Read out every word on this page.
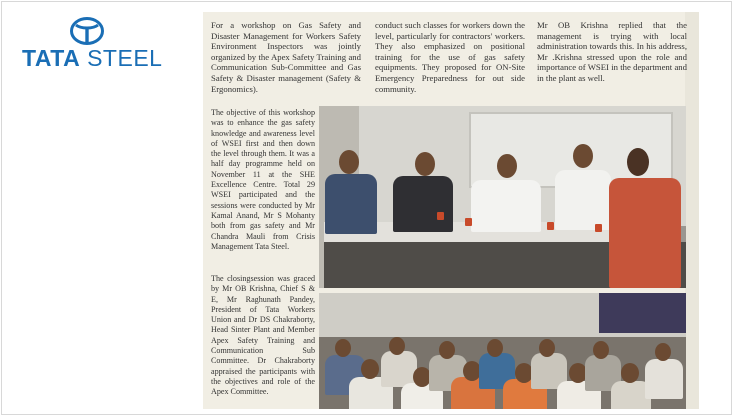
TATA STEEL

For a workshop on Gas Safety and Disaster Management for Workers Safety Environment Inspectors was jointly organized by the Apex Safety Training and Communication Sub-Committee and Gas Safety & Disaster management (Safety & Ergonomics).

conduct such classes for workers down the level, particularly for contractors' workers. They also emphasized on positional training for the use of gas safety equipments. They proposed for ON-Site Emergency Preparedness for out side community.

Mr OB Krishna replied that the management is trying with local administration towards this. In his address, Mr .Krishna stressed upon the role and importance of WSEI in the department and in the plant as well.

The objective of this workshop was to enhance the gas safety knowledge and awareness level of WSEI first and then down the level through them. It was a half day programme held on November 11 at the SHE Excellence Centre. Total 29 WSEI participated and the sessions were conducted by Mr Kamal Anand, Mr S Mohanty both from gas safety and Mr Chandra Mauli from Crisis Management Tata Steel.

The closingsession was graced by Mr OB Krishna, Chief S & E, Mr Raghunath Pandey, President of Tata Workers Union and Dr DS Chakraborty, Head Sinter Plant and Member Apex Safety Training and Communication Sub Committee. Dr Chakraborty appraised the participants with the objectives and role of the Apex Committee.
